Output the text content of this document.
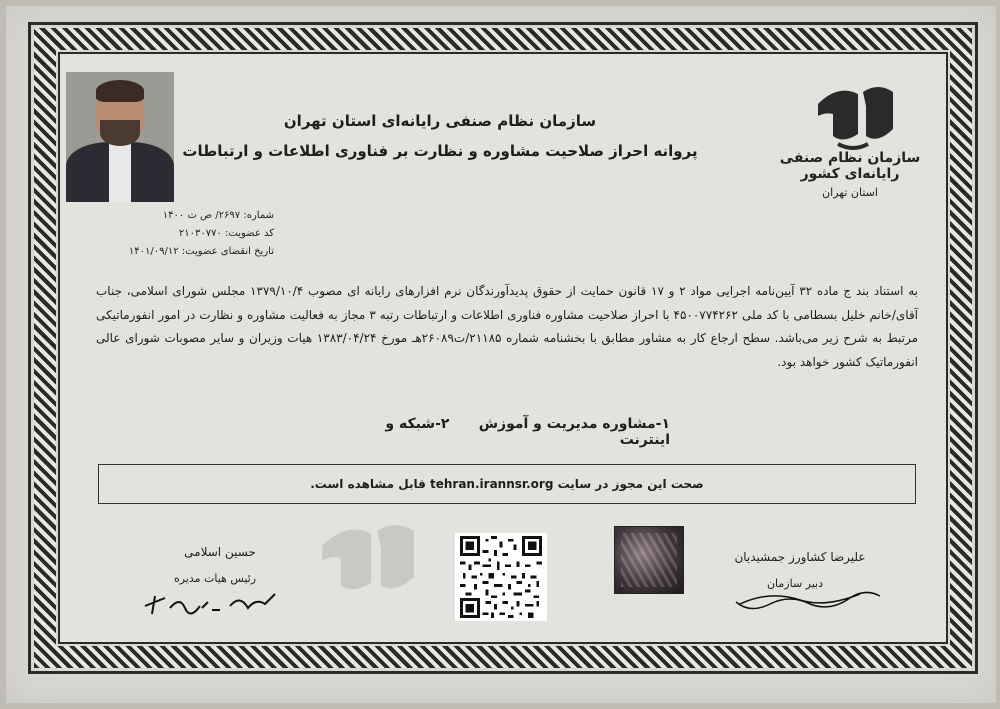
سازمان نظام صنفی رایانه‌ای کشور
استان تهران
سازمان نظام صنفی رایانه‌ای استان تهران
پروانه احراز صلاحیت مشاوره و نظارت بر فناوری اطلاعات و ارتباطات
شماره: ۲۶۹۷/ ص ت ۱۴۰۰
کد عضویت: ۲۱۰۳۰۷۷۰
تاریخ انقضای عضویت: ۱۴۰۱/۰۹/۱۲
به استناد بند ج ماده ۳۲ آیین‌نامه اجرایی مواد ۲ و ۱۷ قانون حمایت از حقوق پدیدآورندگان نرم افزارهای رایانه ای مصوب ۱۳۷۹/۱۰/۴ مجلس شورای اسلامی، جناب آقای/خانم خلیل بسطامی با کد ملی ۴۵۰۰۷۷۴۲۶۲ با احراز صلاحیت مشاوره فناوری اطلاعات و ارتباطات رتبه ۳ مجاز به فعالیت مشاوره و نظارت در امور انفورماتیکی مرتبط به شرح زیر می‌باشد. سطح ارجاع کار به مشاور مطابق با بخشنامه شماره ۲۱۱۸۵/ت۲۶۰۸۹هـ مورخ ۱۳۸۳/۰۴/۲۴ هیات وزیران و سایر مصوبات شورای عالی انفورماتیک کشور خواهد بود.
۱-مشاوره مدیریت و آموزش      ۲-شبکه و اینترنت
صحت این مجوز در سایت tehran.irannsr.org قابل مشاهده است.
حسین اسلامی
رئیس هیات مدیره
علیرضا کشاورز جمشیدیان
دبیر سازمان
